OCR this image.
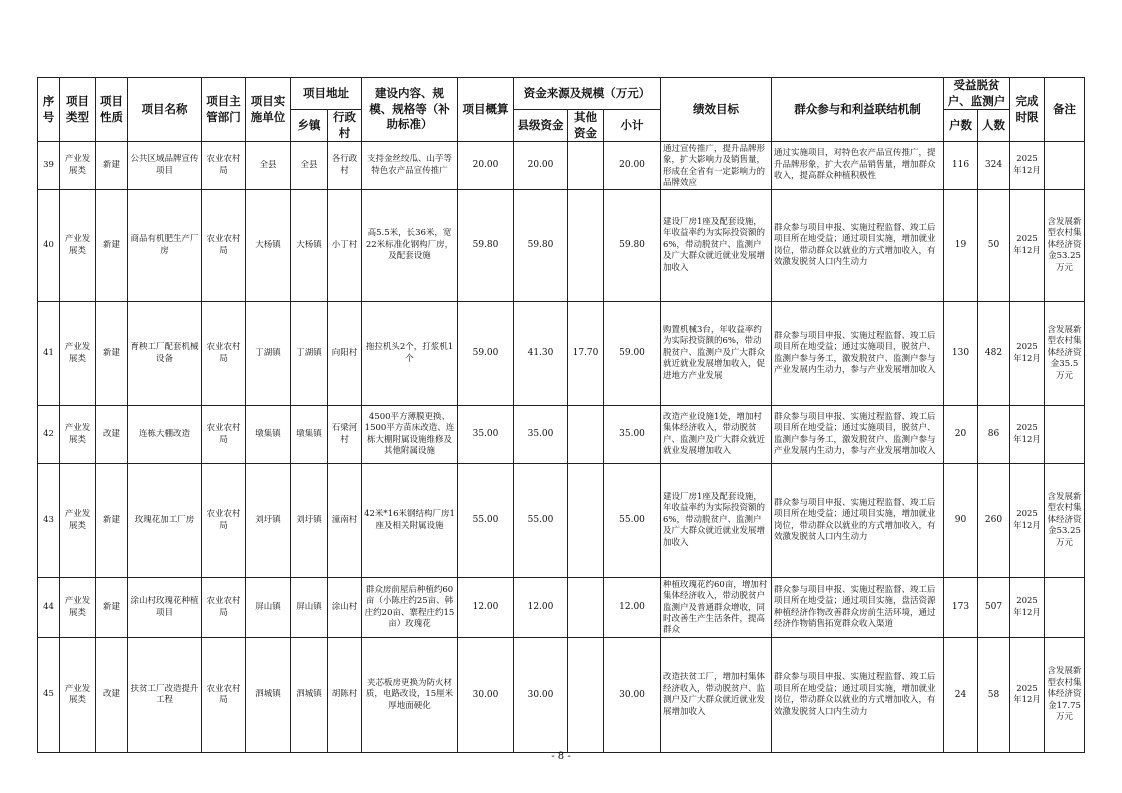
序号	项目类型	项目性质	项目名称	项目主管部门	项目实施单位	项目地址		建设内容、规模、规格等（补助标准）	项目概算	资金来源及规模（万元）			绩效目标	群众参与和利益联结机制	受益脱贫户、监测户		完成时限	备注
						乡镇	行政村			县级资金	其他资金	小计			户数	人数		

39	产业发展类	新建	公共区域品牌宣传项目	农业农村局	全县	全县	各行政村	支持金丝绞瓜、山芋等特色农产品宣传推广	20.00	20.00		20.00	通过宣传推广，提升品牌形象，扩大影响力及销售量，形成在全省有一定影响力的品牌效应	通过实施项目，对特色农产品宣传推广，提升品牌形象，扩大农产品销售量，增加群众收入，提高群众种植积极性	116	324	2025年12月	

40	产业发展类	新建	商品有机肥生产厂房	农业农村局	大杨镇	大杨镇	小丁村	高5.5米，长36米，宽22米标准化钢构厂房，及配套设施	59.80	59.80		59.80	建设厂房1座及配套设施，年收益率约为实际投资额的6%，带动脱贫户、监测户及广大群众就近就业发展增加收入	群众参与项目申报、实施过程监督、竣工后项目所在地受益；通过项目实施，增加就业岗位，带动群众以就业的方式增加收入，有效激发脱贫人口内生动力	19	50	2025年12月	含发展新型农村集体经济资金53.25万元

41	产业发展类	新建	育秧工厂配套机械设备	农业农村局	丁湖镇	丁湖镇	向阳村	拖拉机头2个，打浆机1个	59.00	41.30	17.70	59.00	购置机械3台，年收益率约为实际投资额的6%，带动脱贫户、监测户及广大群众就近就业发展增加收入，促进地方产业发展	群众参与项目申报、实施过程监督、竣工后项目所在地受益；通过实施项目，脱贫户、监测户参与务工，激发脱贫户、监测户参与产业发展内生动力，参与产业发展增加收入	130	482	2025年12月	含发展新型农村集体经济资金35.5万元

42	产业发展类	改建	连栋大棚改造	农业农村局	墩集镇	墩集镇	石梁河村	4500平方薄膜更换、1500平方苗床改造、连栋大棚附属设施维修及其他附属设施	35.00	35.00		35.00	改造产业设施1处，增加村集体经济收入，带动脱贫户、监测户及广大群众就近就业发展增加收入	群众参与项目申报、实施过程监督、竣工后项目所在地受益；通过实施项目，脱贫户、监测户参与务工，激发脱贫户、监测户参与产业发展内生动力，参与产业发展增加收入	20	86	2025年12月	

43	产业发展类	新建	玫瑰花加工厂房	农业农村局	刘圩镇	刘圩镇	潼南村	42米*16米钢结构厂房1座及相关附属设施	55.00	55.00		55.00	建设厂房1座及配套设施，年收益率约为实际投资额的6%，带动脱贫户、监测户及广大群众就近就业发展增加收入	群众参与项目申报、实施过程监督、竣工后项目所在地受益；通过项目实施，增加就业岗位，带动群众以就业的方式增加收入，有效激发脱贫人口内生动力	90	260	2025年12月	含发展新型农村集体经济资金53.25万元

44	产业发展类	新建	涂山村玫瑰花种植项目	农业农村局	屏山镇	屏山镇	涂山村	群众房前屋后种植约60亩（小陈庄约25亩、韩庄约20亩、寨程庄约15亩）玫瑰花	12.00	12.00		12.00	种植玫瑰花约60亩，增加村集体经济收入，带动脱贫户监测户及普通群众增收，同时改善生产生活条件，提高群众	群众参与项目申报、实施过程监督、竣工后项目所在地受益；通过项目实施，盘活资源种植经济作物改善群众房前生活环境，通过经济作物销售拓宽群众收入渠道	173	507	2025年12月	

45	产业发展类	改建	扶贫工厂改造提升工程	农业农村局	泗城镇	泗城镇	胡陈村	夹芯板房更换为防火材质，电路改设，15厘米厚地面硬化	30.00	30.00		30.00	改造扶贫工厂，增加村集体经济收入，带动脱贫户、监测户及广大群众就近就业发展增加收入	群众参与项目申报、实施过程监督、竣工后项目所在地受益；通过项目实施，增加就业岗位，带动群众以就业的方式增加收入，有效激发脱贫人口内生动力	24	58	2025年12月	含发展新型农村集体经济资金17.75万元
- 8 -
